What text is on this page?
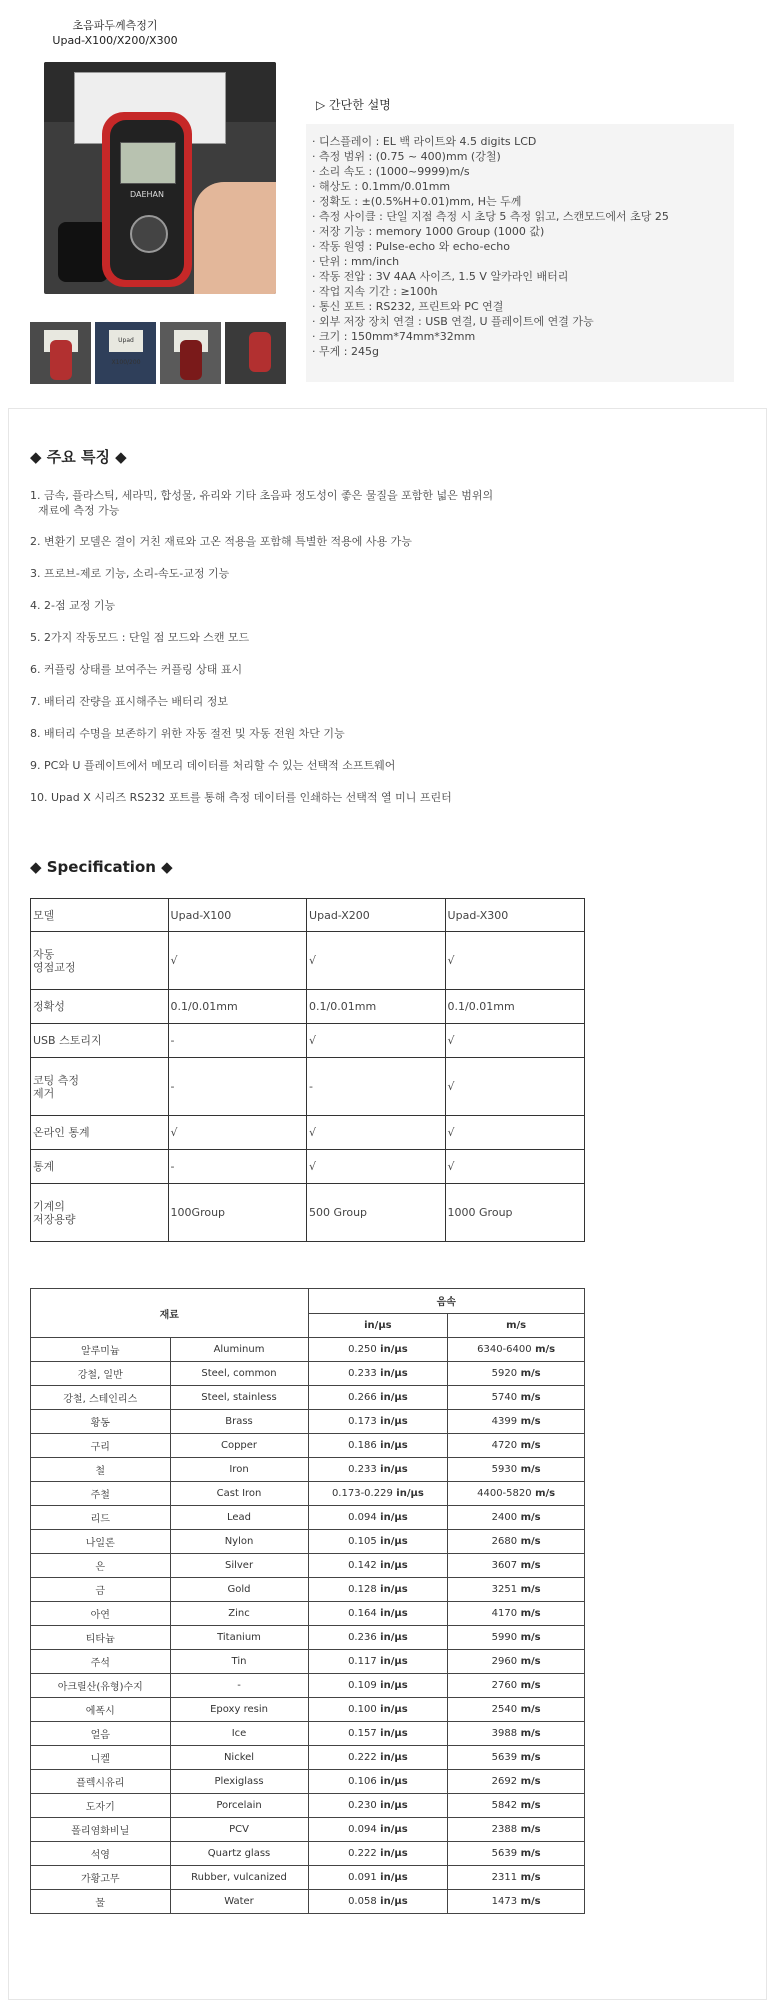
초음파두께측정기
Upad-X100/X200/X300
DAEHAN
Upad X100/200
▷ 간단한 설명
· 디스플레이 : EL 백 라이트와 4.5 digits LCD
· 측정 범위 : (0.75 ~ 400)mm (강철)
· 소리 속도 : (1000~9999)m/s
· 해상도 : 0.1mm/0.01mm
· 정확도 : ±(0.5%H+0.01)mm, H는 두께
· 측정 사이클 : 단일 지점 측정 시 초당 5 측정 읽고, 스캔모드에서 초당 25
· 저장 기능 : memory 1000 Group (1000 값)
· 작동 원영 : Pulse-echo 와 echo-echo
· 단위 : mm/inch
· 작동 전압 : 3V 4AA 사이즈, 1.5 V 알카라인 배터리
· 작업 지속 기간 : ≥100h
· 통신 포트 : RS232, 프린트와 PC 연결
· 외부 저장 장치 연결 : USB 연결, U 플레이트에 연결 가능
· 크기 : 150mm*74mm*32mm
· 무게 : 245g
◆ 주요 특징 ◆
1. 금속, 플라스틱, 세라믹, 합성물, 유리와 기타 초음파 정도성이 좋은 물질을 포함한 넓은 범위의
재료에 측정 가능
2. 변환기 모델은 결이 거친 재료와 고온 적용을 포함해 특별한 적용에 사용 가능
3. 프로브-제로 기능, 소리-속도-교정 기능
4. 2-점 교정 기능
5. 2가지 작동모드 : 단일 점 모드와 스캔 모드
6. 커플링 상태를 보여주는 커플링 상태 표시
7. 배터리 잔량을 표시해주는 배터리 정보
8. 배터리 수명을 보존하기 위한 자동 절전 및 자동 전원 차단 기능
9. PC와 U 플레이트에서 메모리 데이터를 처리할 수 있는 선택적 소프트웨어
10. Upad X 시리즈 RS232 포트를 통해 측정 데이터를 인쇄하는 선택적 열 미니 프린터
◆ Specification ◆
모델	Upad-X100	Upad-X200	Upad-X300
자동
영점교정	√	√	√
정확성	0.1/0.01mm	0.1/0.01mm	0.1/0.01mm
USB 스토리지	-	√	√
코팅 측정
제거	-	-	√
온라인 통계	√	√	√
통계	-	√	√
기계의
저장용량	100Group	500 Group	1000 Group
재료		음속	
		in/μs	m/s
알루미늄	Aluminum	0.250 in/μs	6340-6400 m/s
강철, 일반	Steel, common	0.233 in/μs	5920 m/s
강철, 스테인리스	Steel, stainless	0.266 in/μs	5740 m/s
황동	Brass	0.173 in/μs	4399 m/s
구리	Copper	0.186 in/μs	4720 m/s
철	Iron	0.233 in/μs	5930 m/s
주철	Cast Iron	0.173-0.229 in/μs	4400-5820 m/s
리드	Lead	0.094 in/μs	2400 m/s
나일론	Nylon	0.105 in/μs	2680 m/s
은	Silver	0.142 in/μs	3607 m/s
금	Gold	0.128 in/μs	3251 m/s
아연	Zinc	0.164 in/μs	4170 m/s
티타늄	Titanium	0.236 in/μs	5990 m/s
주석	Tin	0.117 in/μs	2960 m/s
아크릴산(유형)수지	-	0.109 in/μs	2760 m/s
에폭시	Epoxy resin	0.100 in/μs	2540 m/s
얼음	Ice	0.157 in/μs	3988 m/s
니켈	Nickel	0.222 in/μs	5639 m/s
플렉시유리	Plexiglass	0.106 in/μs	2692 m/s
도자기	Porcelain	0.230 in/μs	5842 m/s
폴리염화비닐	PCV	0.094 in/μs	2388 m/s
석영	Quartz glass	0.222 in/μs	5639 m/s
가황고무	Rubber, vulcanized	0.091 in/μs	2311 m/s
물	Water	0.058 in/μs	1473 m/s
